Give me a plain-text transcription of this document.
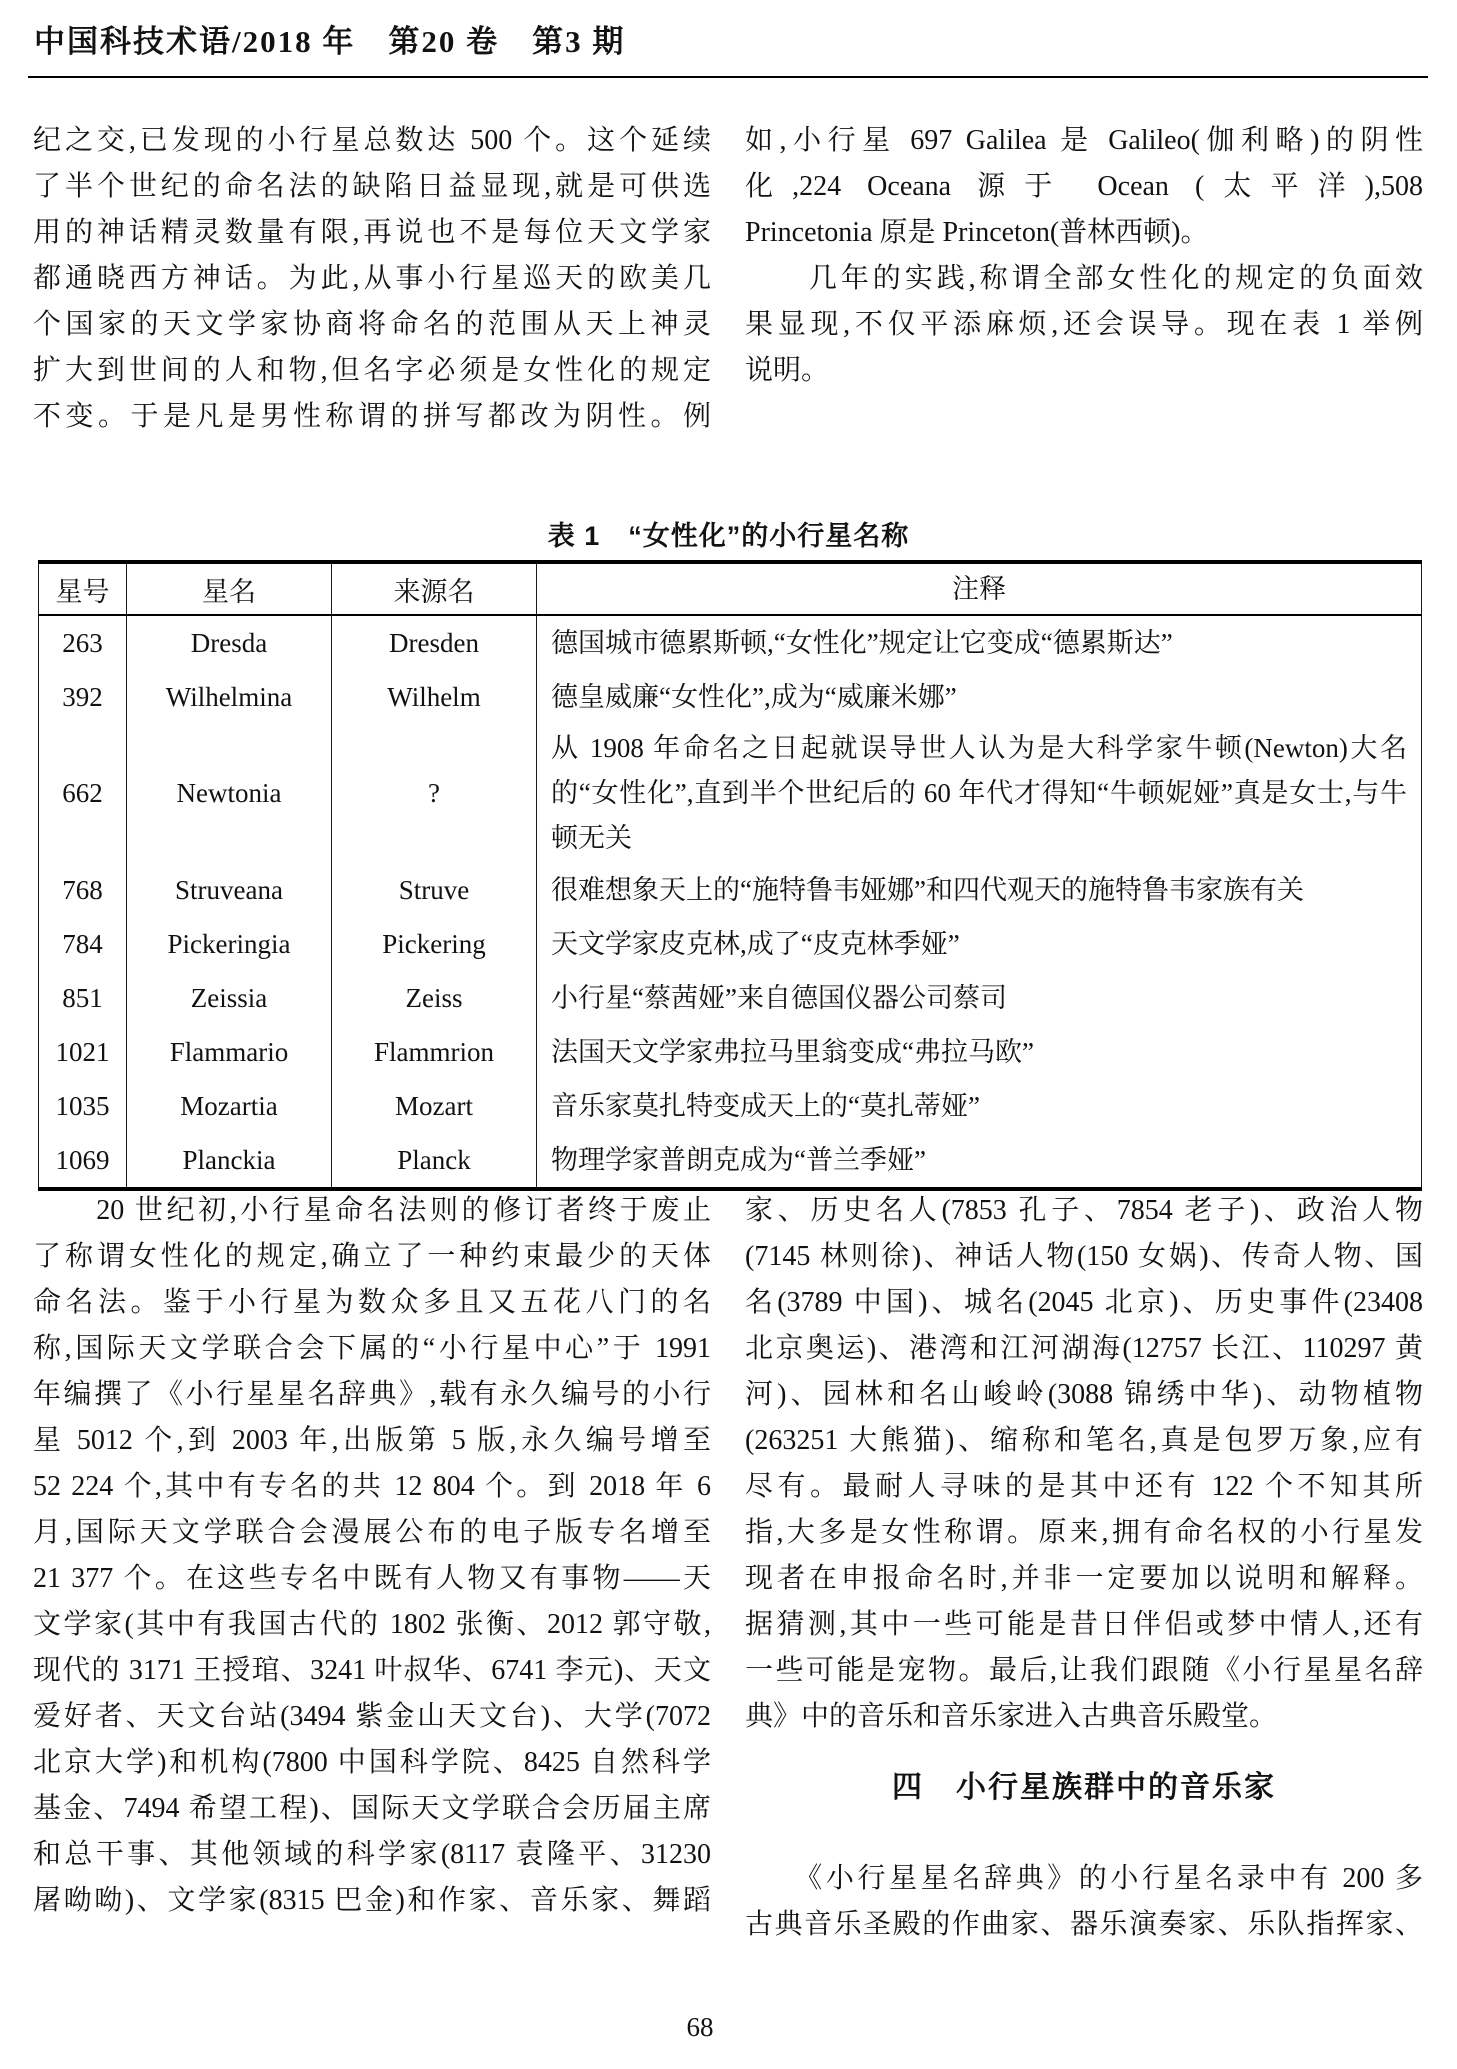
中国科技术语/2018 年　第20 卷　第3 期
纪之交,已发现的小行星总数达 500 个。这个延续
了半个世纪的命名法的缺陷日益显现,就是可供选
用的神话精灵数量有限,再说也不是每位天文学家
都通晓西方神话。为此,从事小行星巡天的欧美几
个国家的天文学家协商将命名的范围从天上神灵
扩大到世间的人和物,但名字必须是女性化的规定
不变。于是凡是男性称谓的拼写都改为阴性。例
如,小行星 697 Galilea 是 Galileo(伽利略)的阴性
化,224 Oceana 源于 Ocean (太平洋),508
Princetonia 原是 Princeton(普林西顿)。
　　几年的实践,称谓全部女性化的规定的负面效
果显现,不仅平添麻烦,还会误导。现在表 1 举例
说明。
表 1　“女性化”的小行星名称
星号	星名	来源名	注释
263	Dresda	Dresden	德国城市德累斯顿,“女性化”规定让它变成“德累斯达”
392	Wilhelmina	Wilhelm	德皇威廉“女性化”,成为“威廉米娜”
662	Newtonia	?	从 1908 年命名之日起就误导世人认为是大科学家牛顿(Newton)大名的“女性化”,直到半个世纪后的 60 年代才得知“牛顿妮娅”真是女士,与牛顿无关
768	Struveana	Struve	很难想象天上的“施特鲁韦娅娜”和四代观天的施特鲁韦家族有关
784	Pickeringia	Pickering	天文学家皮克林,成了“皮克林季娅”
851	Zeissia	Zeiss	小行星“蔡茜娅”来自德国仪器公司蔡司
1021	Flammario	Flammrion	法国天文学家弗拉马里翁变成“弗拉马欧”
1035	Mozartia	Mozart	音乐家莫扎特变成天上的“莫扎蒂娅”
1069	Planckia	Planck	物理学家普朗克成为“普兰季娅”
　　20 世纪初,小行星命名法则的修订者终于废止
了称谓女性化的规定,确立了一种约束最少的天体
命名法。鉴于小行星为数众多且又五花八门的名
称,国际天文学联合会下属的“小行星中心”于 1991
年编撰了《小行星星名辞典》,载有永久编号的小行
星 5012 个,到 2003 年,出版第 5 版,永久编号增至
52 224 个,其中有专名的共 12 804 个。到 2018 年 6
月,国际天文学联合会漫展公布的电子版专名增至
21 377 个。在这些专名中既有人物又有事物——天
文学家(其中有我国古代的 1802 张衡、2012 郭守敬,
现代的 3171 王授琯、3241 叶叔华、6741 李元)、天文
爱好者、天文台站(3494 紫金山天文台)、大学(7072
北京大学)和机构(7800 中国科学院、8425 自然科学
基金、7494 希望工程)、国际天文学联合会历届主席
和总干事、其他领域的科学家(8117 袁隆平、31230
屠呦呦)、文学家(8315 巴金)和作家、音乐家、舞蹈
家、历史名人(7853 孔子、7854 老子)、政治人物
(7145 林则徐)、神话人物(150 女娲)、传奇人物、国
名(3789 中国)、城名(2045 北京)、历史事件(23408
北京奥运)、港湾和江河湖海(12757 长江、110297 黄
河)、园林和名山峻岭(3088 锦绣中华)、动物植物
(263251 大熊猫)、缩称和笔名,真是包罗万象,应有
尽有。最耐人寻味的是其中还有 122 个不知其所
指,大多是女性称谓。原来,拥有命名权的小行星发
现者在申报命名时,并非一定要加以说明和解释。
据猜测,其中一些可能是昔日伴侣或梦中情人,还有
一些可能是宠物。最后,让我们跟随《小行星星名辞
典》中的音乐和音乐家进入古典音乐殿堂。
四　小行星族群中的音乐家
　　《小行星星名辞典》的小行星名录中有 200 多
古典音乐圣殿的作曲家、器乐演奏家、乐队指挥家、
68
